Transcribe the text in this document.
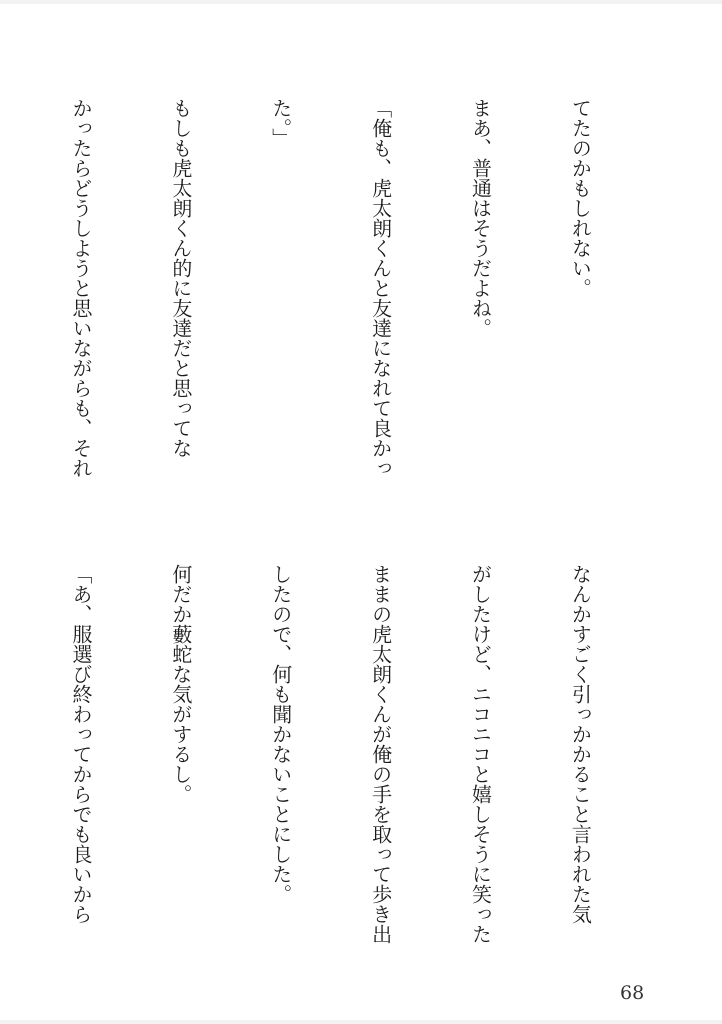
てたのかもしれない。

まあ、普通はそうだよね。

「俺も、虎太朗くんと友達になれて良かっ

た。」

もしも虎太朗くん的に友達だと思ってな

かったらどうしようと思いながらも、それ

なんかすごく引っかかること言われた気

がしたけど、ニコニコと嬉しそうに笑った

ままの虎太朗くんが俺の手を取って歩き出

したので、何も聞かないことにした。

何だか藪蛇な気がするし。

「あ、服選び終わってからでも良いから

68
